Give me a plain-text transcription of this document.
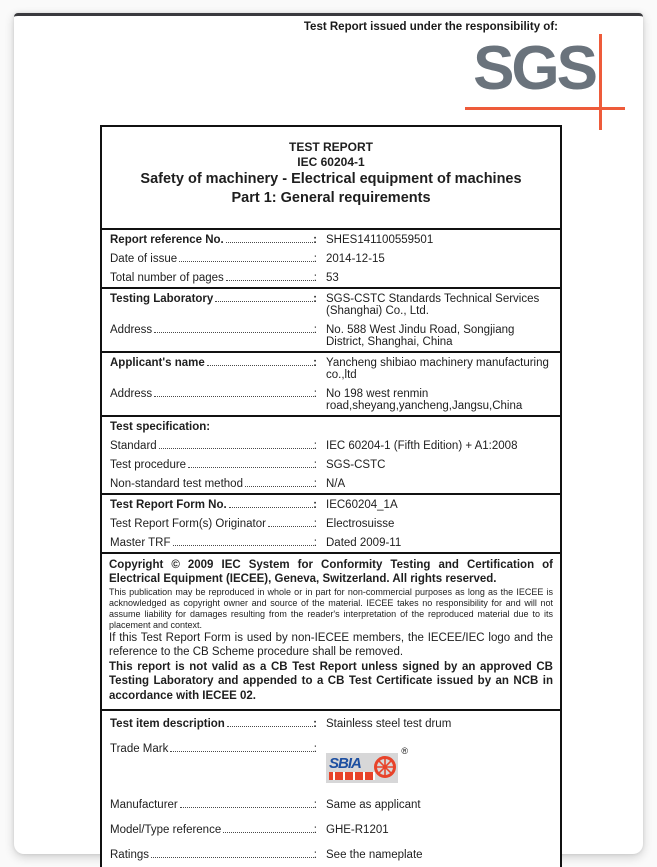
Test Report issued under the responsibility of:
SGS
TEST REPORT
IEC 60204-1
Safety of machinery - Electrical equipment of machines
Part 1: General requirements
Report reference No.
:	SHES141100559501
Date of issue
:	2014-12-15
Total number of pages
:	53
Testing Laboratory
:	SGS-CSTC Standards Technical Services (Shanghai) Co., Ltd.
Address
:	No. 588 West Jindu Road, Songjiang District, Shanghai, China
Applicant's name
:	Yancheng shibiao machinery manufacturing co.,ltd
Address
:	No 198 west renmin road,sheyang,yancheng,Jangsu,China
Test specification:
Standard
:	IEC 60204-1 (Fifth Edition) + A1:2008
Test procedure
:	SGS-CSTC
Non-standard test method
:	N/A
Test Report Form No.
:	IEC60204_1A
Test Report Form(s) Originator
:	Electrosuisse
Master TRF
:	Dated 2009-11

Copyright © 2009 IEC System for Conformity Testing and Certification of Electrical Equipment (IECEE), Geneva, Switzerland. All rights reserved.

This publication may be reproduced in whole or in part for non-commercial purposes as long as the IECEE is acknowledged as copyright owner and source of the material. IECEE takes no responsibility for and will not assume liability for damages resulting from the reader's interpretation of the reproduced material due to its placement and context.

If this Test Report Form is used by non-IECEE members, the IECEE/IEC logo and the reference to the CB Scheme procedure shall be removed.

This report is not valid as a CB Test Report unless signed by an approved CB Testing Laboratory and appended to a CB Test Certificate issued by an NCB in accordance with IECEE 02.

Test item description
:	Stainless steel test drum
Trade Mark
:
SBIA
®
Manufacturer
:	Same as applicant
Model/Type reference
:	GHE-R1201
Ratings
:	See the nameplate
